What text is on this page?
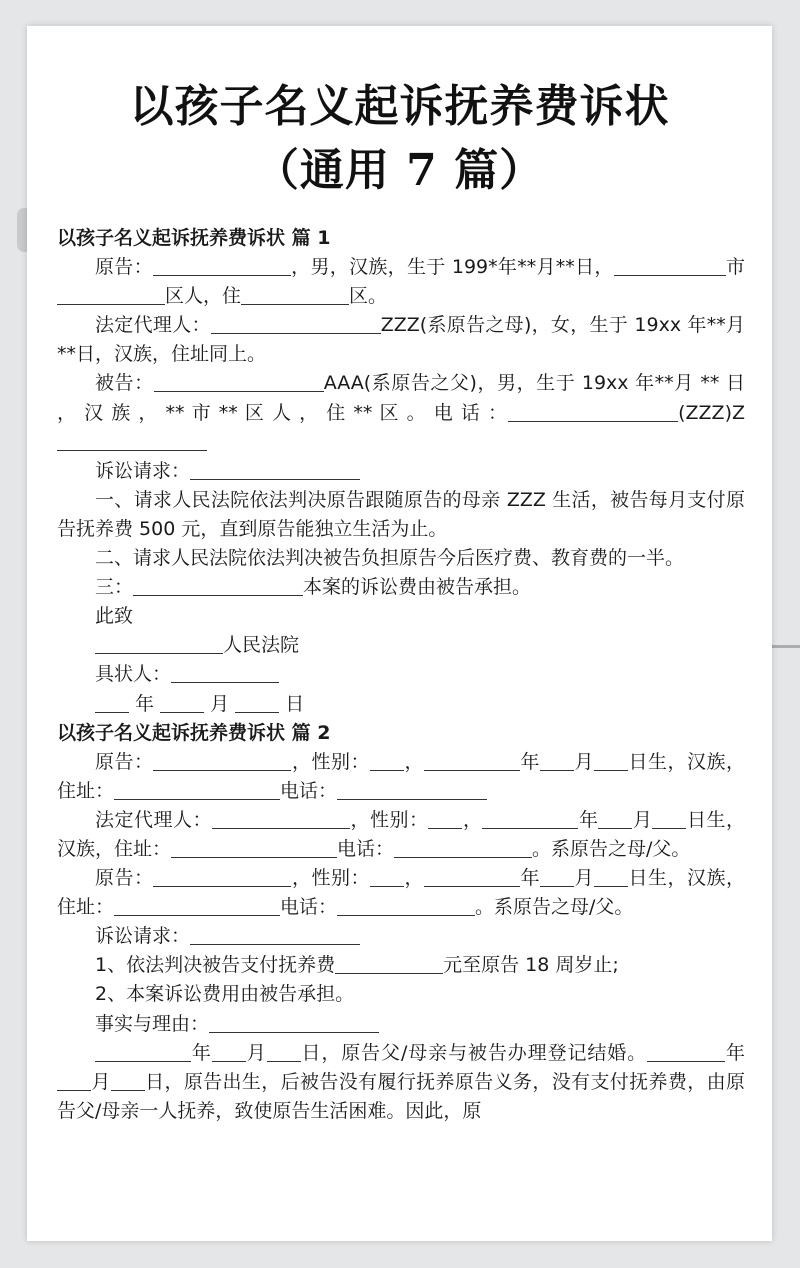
以孩子名义起诉抚养费诉状
（通用 7 篇）

以孩子名义起诉抚养费诉状 篇 1

原告：	，男，汉族，生于 199*年**月**日，	市区人，住	区。

法定代理人：	ZZZ(系原告之母)，女，生于 19xx 年**月**日，汉族，住址同上。

被告：	AAA(系原告之父)，男，生于 19xx 年**月 ** 日 ， 汉 族 ， ** 市 ** 区 人 ， 住 ** 区 。 电 话 ：	(ZZZ)Z

诉讼请求：

一、请求人民法院依法判决原告跟随原告的母亲 ZZZ 生活，被告每月支付原告抚养费 500 元，直到原告能独立生活为止。

二、请求人民法院依法判决被告负担原告今后医疗费、教育费的一半。

三：	本案的诉讼费由被告承担。

此致

人民法院

具状人：

年  月  日

以孩子名义起诉抚养费诉状 篇 2

原告：	，性别： ，	年 月 日生，汉族，住址：	电话：

法定代理人：	，性别： ，	年 月 日生，汉族，住址：	电话：	。系原告之母/父。

原告：	，性别： ，	年 月 日生，汉族，住址：	电话：	。系原告之母/父。

诉讼请求：

1、依法判决被告支付抚养费	元至原告 18 周岁止;

2、本案诉讼费用由被告承担。

事实与理由：

年 月 日，原告父/母亲与被告办理登记结婚。	年月 日，原告出生，后被告没有履行抚养原告义务，没有支付抚养费，由原告父/母亲一人抚养，致使原告生活困难。因此，原
